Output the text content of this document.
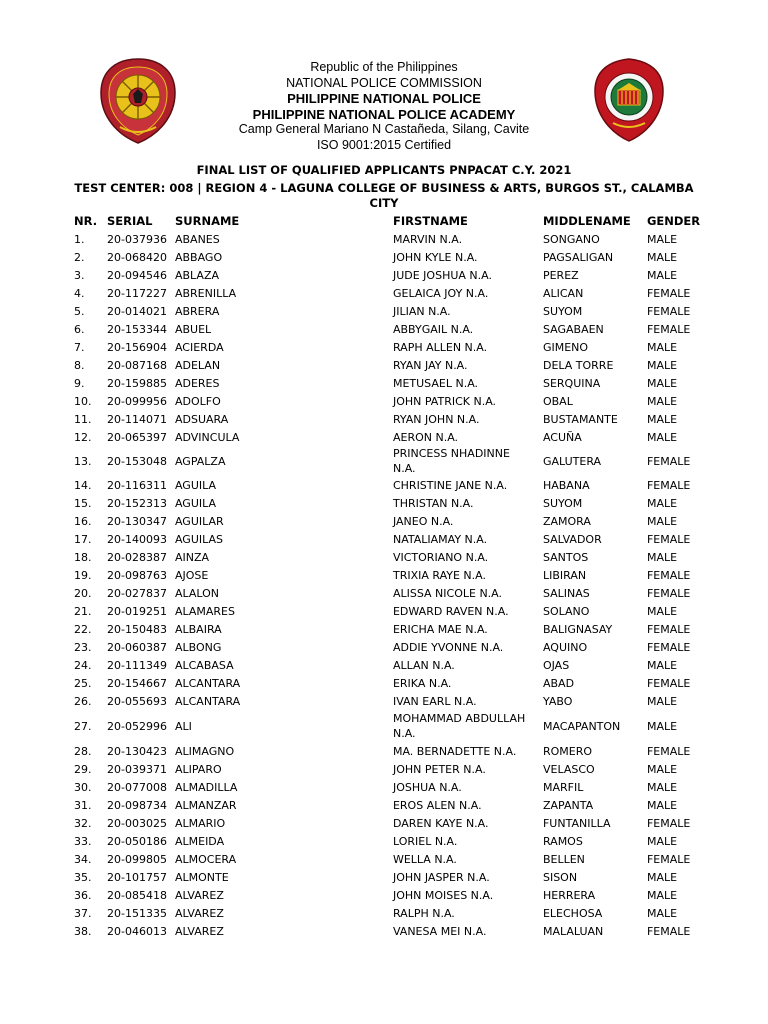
Republic of the Philippines
NATIONAL POLICE COMMISSION
PHILIPPINE NATIONAL POLICE
PHILIPPINE NATIONAL POLICE ACADEMY
Camp General Mariano N Castañeda, Silang, Cavite
ISO 9001:2015 Certified
FINAL LIST OF QUALIFIED APPLICANTS PNPACAT C.Y. 2021
TEST CENTER: 008 | REGION 4 - LAGUNA COLLEGE OF BUSINESS & ARTS, BURGOS ST., CALAMBA CITY
NR.	SERIAL	SURNAME	FIRSTNAME	MIDDLENAME	GENDER
1.	20-037936	ABANES	MARVIN N.A.	SONGANO	MALE
2.	20-068420	ABBAGO	JOHN KYLE N.A.	PAGSALIGAN	MALE
3.	20-094546	ABLAZA	JUDE JOSHUA N.A.	PEREZ	MALE
4.	20-117227	ABRENILLA	GELAICA JOY N.A.	ALICAN	FEMALE
5.	20-014021	ABRERA	JILIAN N.A.	SUYOM	FEMALE
6.	20-153344	ABUEL	ABBYGAIL N.A.	SAGABAEN	FEMALE
7.	20-156904	ACIERDA	RAPH ALLEN N.A.	GIMENO	MALE
8.	20-087168	ADELAN	RYAN JAY N.A.	DELA TORRE	MALE
9.	20-159885	ADERES	METUSAEL N.A.	SERQUINA	MALE
10.	20-099956	ADOLFO	JOHN PATRICK N.A.	OBAL	MALE
11.	20-114071	ADSUARA	RYAN JOHN N.A.	BUSTAMANTE	MALE
12.	20-065397	ADVINCULA	AERON N.A.	ACUÑA	MALE
13.	20-153048	AGPALZA	PRINCESS NHADINNE N.A.	GALUTERA	FEMALE
14.	20-116311	AGUILA	CHRISTINE JANE N.A.	HABANA	FEMALE
15.	20-152313	AGUILA	THRISTAN N.A.	SUYOM	MALE
16.	20-130347	AGUILAR	JANEO N.A.	ZAMORA	MALE
17.	20-140093	AGUILAS	NATALIAMAY N.A.	SALVADOR	FEMALE
18.	20-028387	AINZA	VICTORIANO N.A.	SANTOS	MALE
19.	20-098763	AJOSE	TRIXIA RAYE N.A.	LIBIRAN	FEMALE
20.	20-027837	ALALON	ALISSA NICOLE N.A.	SALINAS	FEMALE
21.	20-019251	ALAMARES	EDWARD RAVEN N.A.	SOLANO	MALE
22.	20-150483	ALBAIRA	ERICHA MAE N.A.	BALIGNASAY	FEMALE
23.	20-060387	ALBONG	ADDIE YVONNE N.A.	AQUINO	FEMALE
24.	20-111349	ALCABASA	ALLAN N.A.	OJAS	MALE
25.	20-154667	ALCANTARA	ERIKA N.A.	ABAD	FEMALE
26.	20-055693	ALCANTARA	IVAN EARL N.A.	YABO	MALE
27.	20-052996	ALI	MOHAMMAD ABDULLAH N.A.	MACAPANTON	MALE
28.	20-130423	ALIMAGNO	MA. BERNADETTE N.A.	ROMERO	FEMALE
29.	20-039371	ALIPARO	JOHN PETER N.A.	VELASCO	MALE
30.	20-077008	ALMADILLA	JOSHUA N.A.	MARFIL	MALE
31.	20-098734	ALMANZAR	EROS ALEN N.A.	ZAPANTA	MALE
32.	20-003025	ALMARIO	DAREN KAYE N.A.	FUNTANILLA	FEMALE
33.	20-050186	ALMEIDA	LORIEL N.A.	RAMOS	MALE
34.	20-099805	ALMOCERA	WELLA N.A.	BELLEN	FEMALE
35.	20-101757	ALMONTE	JOHN JASPER N.A.	SISON	MALE
36.	20-085418	ALVAREZ	JOHN MOISES N.A.	HERRERA	MALE
37.	20-151335	ALVAREZ	RALPH N.A.	ELECHOSA	MALE
38.	20-046013	ALVAREZ	VANESA MEI N.A.	MALALUAN	FEMALE
